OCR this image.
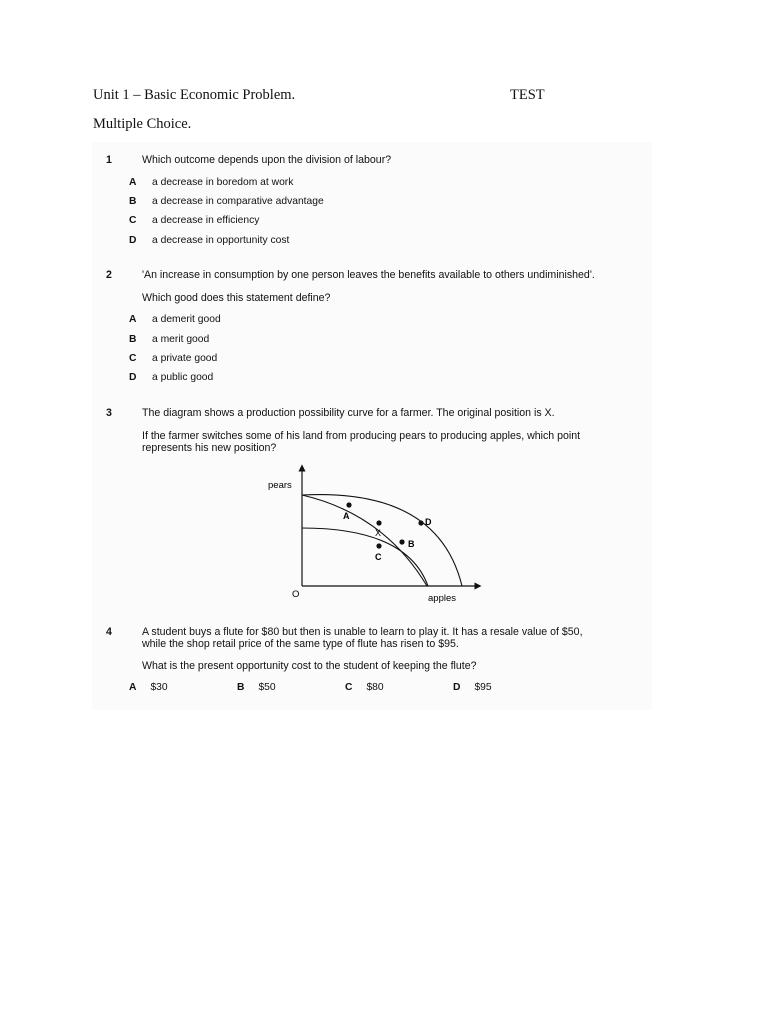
Unit 1 – Basic Economic Problem.	TEST
Multiple Choice.
1	Which outcome depends upon the division of labour?
A a decrease in boredom at work
B a decrease in comparative advantage
C a decrease in efficiency
D a decrease in opportunity cost
2	'An increase in consumption by one person leaves the benefits available to others undiminished'.
Which good does this statement define?
A a demerit good
B a merit good
C a private good
D a public good
3	The diagram shows a production possibility curve for a farmer. The original position is X.
If the farmer switches some of his land from producing pears to producing apples, which point
represents his new position?
pears
apples
O
A
X
B
C
D
4	A student buys a flute for $80 but then is unable to learn to play it. It has a resale value of $50,
while the shop retail price of the same type of flute has risen to $95.
What is the present opportunity cost to the student of keeping the flute?
A $30	B $50	C $80	D $95
